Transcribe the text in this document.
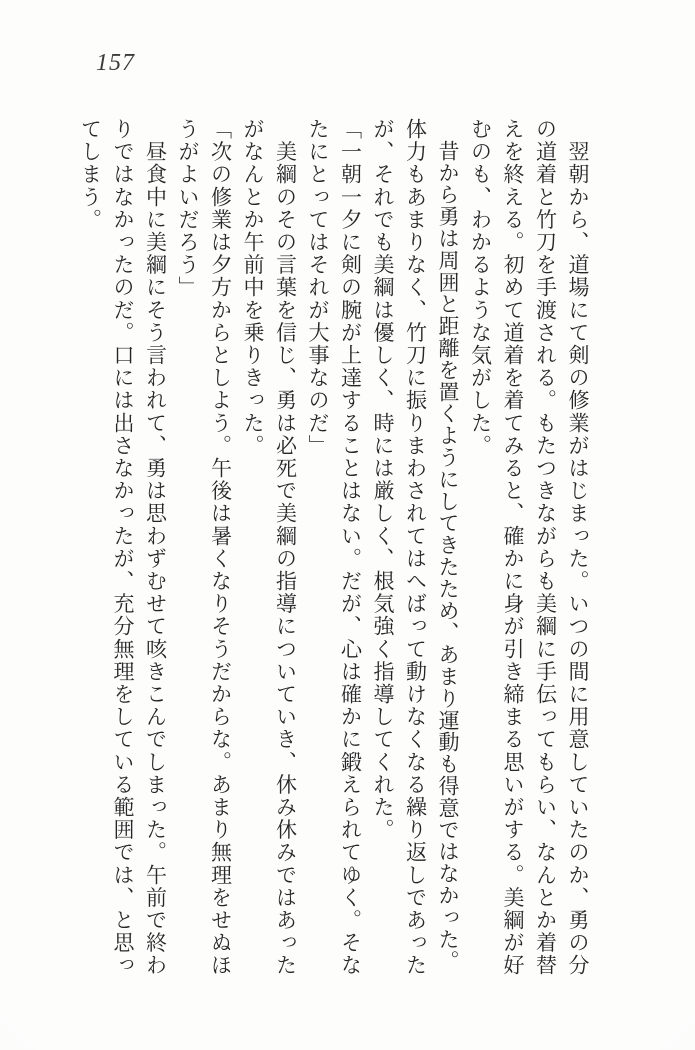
157
　翌朝から、道場にて剣の修業がはじまった。いつの間に用意していたのか、勇の分
の道着と竹刀を手渡される。もたつきながらも美綱に手伝ってもらい、なんとか着替
えを終える。初めて道着を着てみると、確かに身が引き締まる思いがする。美綱が好
むのも、わかるような気がした。
　昔から勇は周囲と距離を置くようにしてきたため、あまり運動も得意ではなかった。
体力もあまりなく、竹刀に振りまわされてはへばって動けなくなる繰り返しであった
が、それでも美綱は優しく、時には厳しく、根気強く指導してくれた。
「一朝一夕に剣の腕が上達することはない。だが、心は確かに鍛えられてゆく。そな
たにとってはそれが大事なのだ」
　美綱のその言葉を信じ、勇は必死で美綱の指導についていき、休み休みではあった
がなんとか午前中を乗りきった。
「次の修業は夕方からとしよう。午後は暑くなりそうだからな。あまり無理をせぬほ
うがよいだろう」
　昼食中に美綱にそう言われて、勇は思わずむせて咳きこんでしまった。午前で終わ
りではなかったのだ。口には出さなかったが、充分無理をしている範囲では、と思っ
てしまう。
